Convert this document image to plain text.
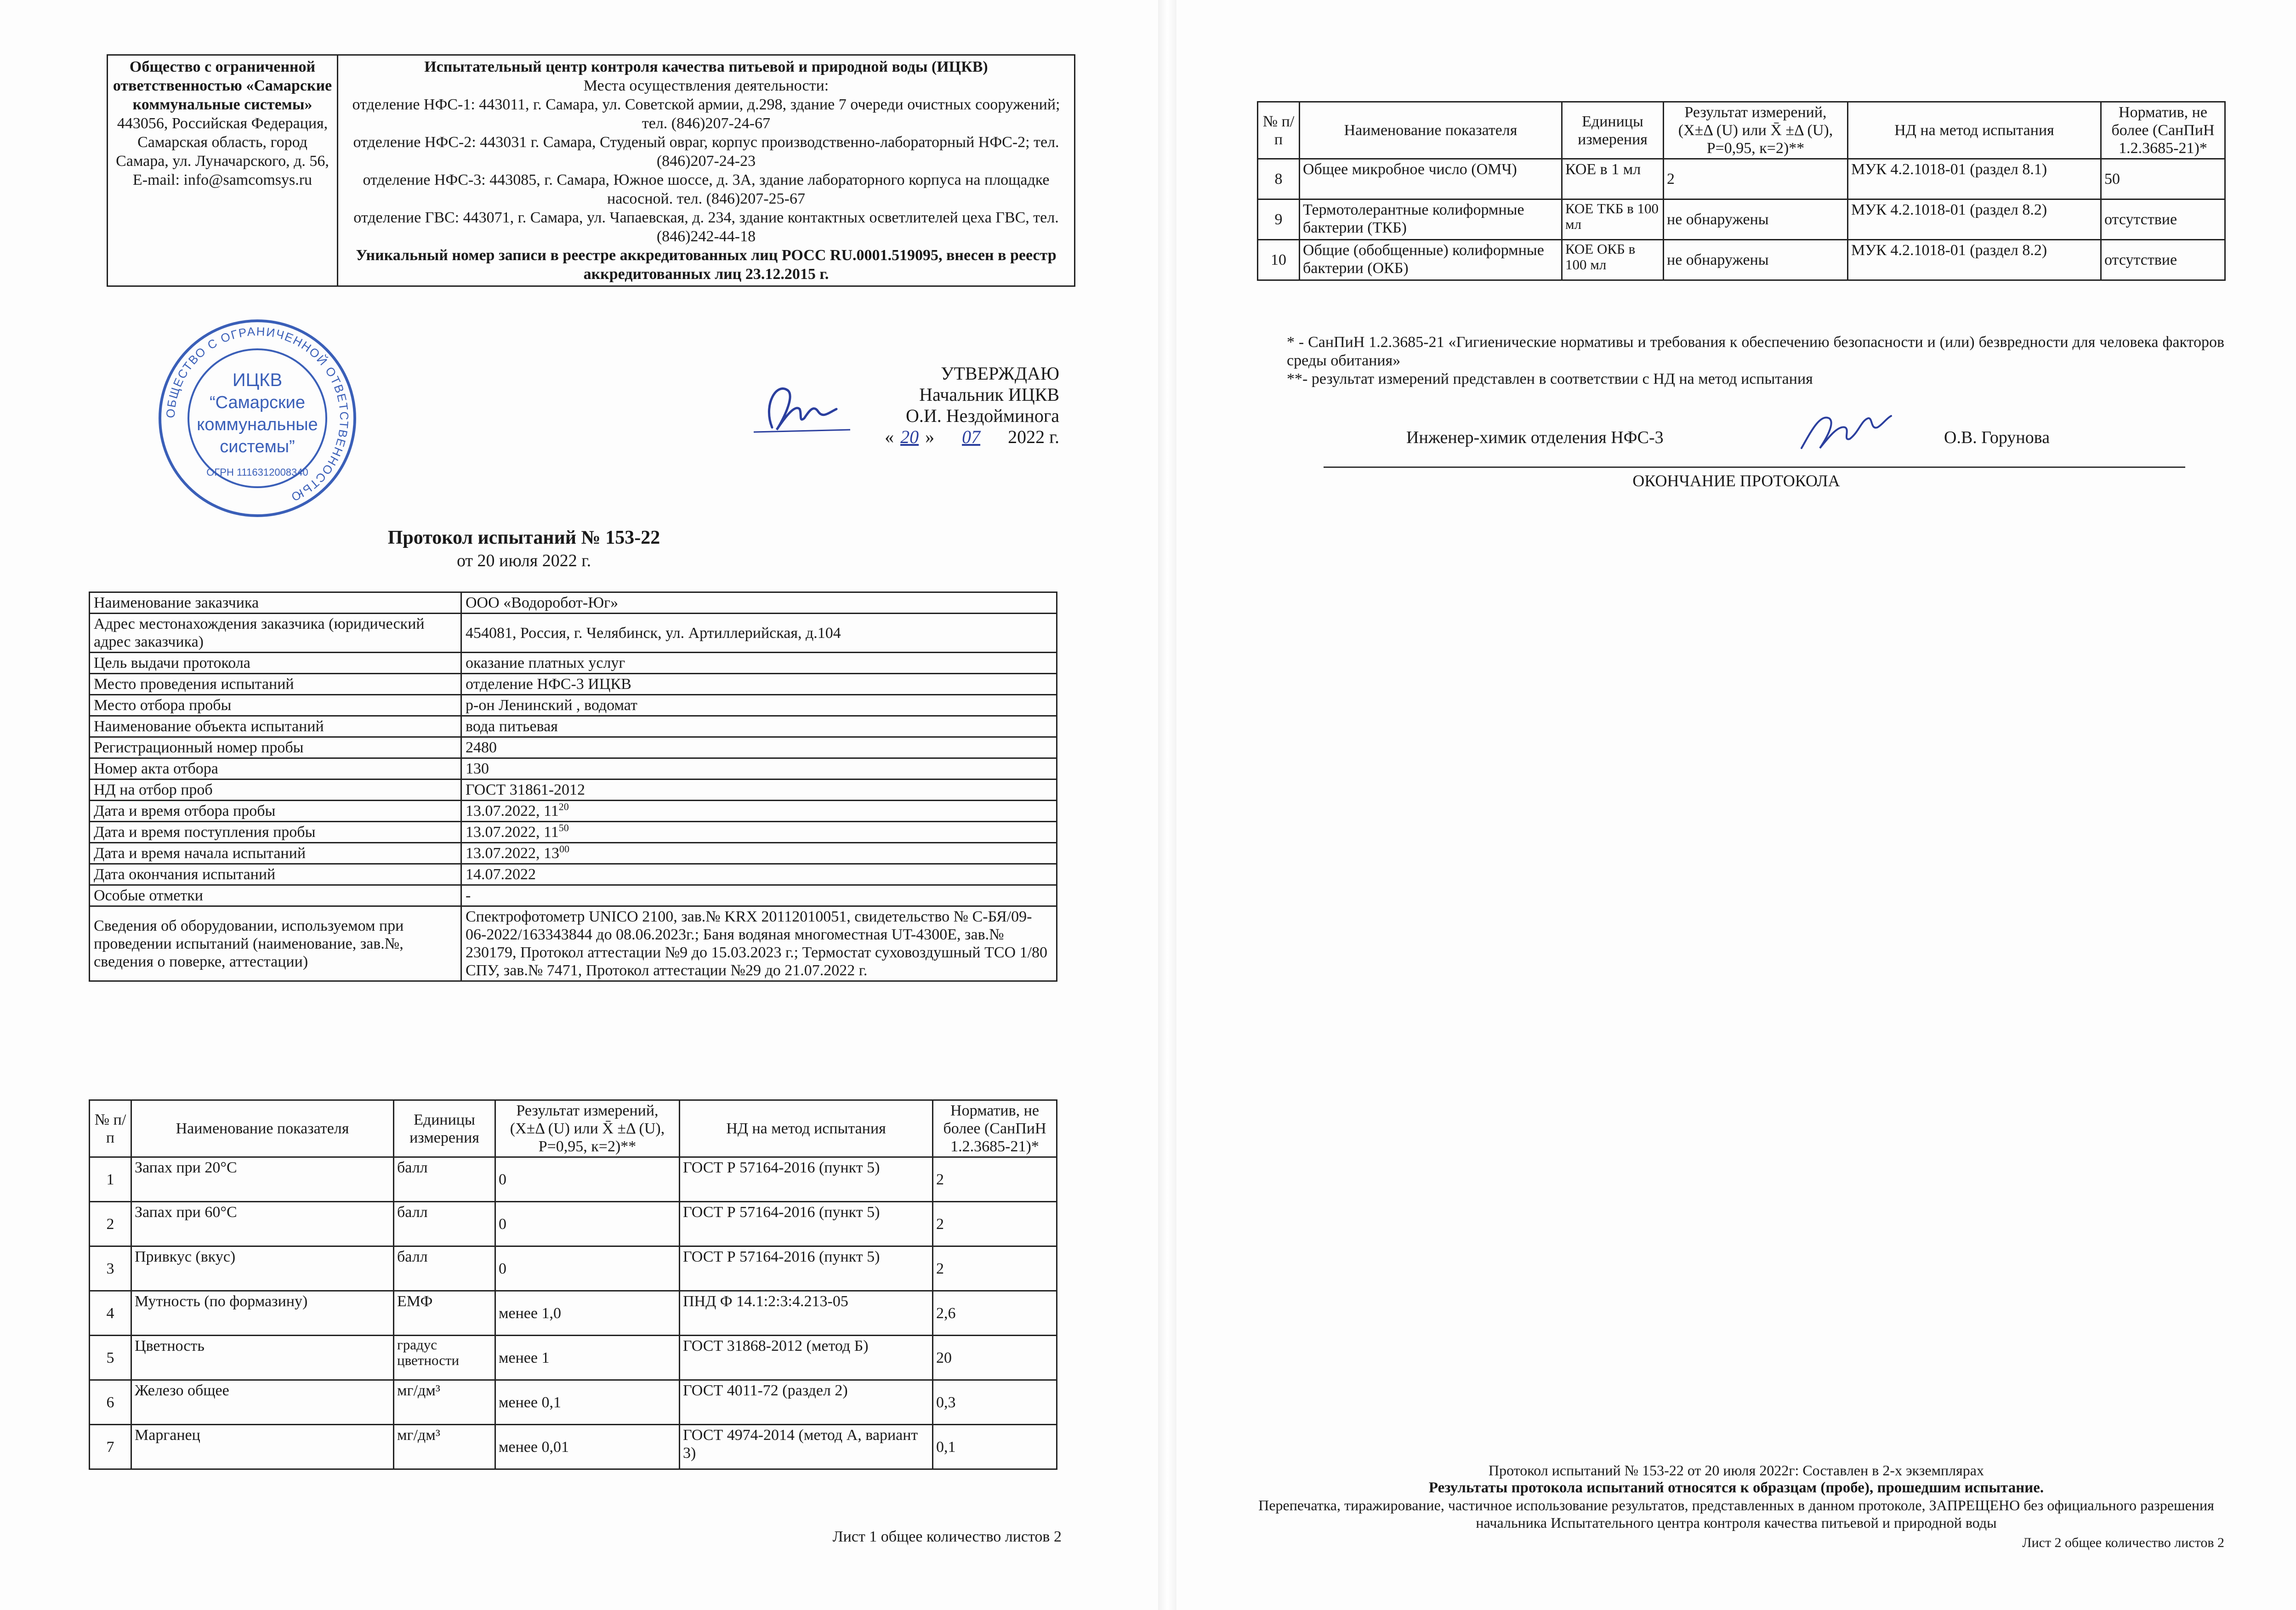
Общество с ограниченной ответственностью «Самарские коммунальные системы»
443056, Российская Федерация, Самарская область, город Самара, ул. Луначарского, д. 56,
E-mail: info@samcomsys.ru

Испытательный центр контроля качества питьевой и природной воды (ИЦКВ)
Места осуществления деятельности:
отделение НФС-1: 443011, г. Самара, ул. Советской армии, д.298, здание 7 очереди очистных сооружений; тел. (846)207-24-67
отделение НФС-2: 443031 г. Самара, Студеный овраг, корпус производственно-лабораторный НФС-2; тел. (846)207-24-23
отделение НФС-3: 443085, г. Самара, Южное шоссе, д. 3А, здание лабораторного корпуса на площадке насосной. тел. (846)207-25-67
отделение ГВС: 443071, г. Самара, ул. Чапаевская, д. 234, здание контактных осветлителей цеха ГВС, тел. (846)242-44-18
Уникальный номер записи в реестре аккредитованных лиц РОСС RU.0001.519095, внесен в реестр аккредитованных лиц 23.12.2015 г.
ОБЩЕСТВО С ОГРАНИЧЕННОЙ ОТВЕТСТВЕННОСТЬЮ
ИЦКВ
“Самарские
коммунальные
системы”
ОГРН 1116312008340
УТВЕРЖДАЮ
Начальник ИЦКВ
О.И. Нездойминога
« 20 » 07 2022 г.
Протокол испытаний № 153-22
от 20 июля 2022 г.
Наименование заказчика	ООО «Водоробот-Юг»
Адрес местонахождения заказчика (юридический адрес заказчика)	454081, Россия, г. Челябинск, ул. Артиллерийская, д.104
Цель выдачи протокола	оказание платных услуг
Место проведения испытаний	отделение НФС-3 ИЦКВ
Место отбора пробы	р-он Ленинский , водомат
Наименование объекта испытаний	вода питьевая
Регистрационный номер пробы	2480
Номер акта отбора	130
НД на отбор проб	ГОСТ 31861-2012
Дата и время отбора пробы	13.07.2022, $11^{20}$
Дата и время поступления пробы	13.07.2022, $11^{50}$
Дата и время начала испытаний	13.07.2022, $13^{00}$
Дата окончания испытаний	14.07.2022
Особые отметки	-
Сведения об оборудовании, используемом при проведении испытаний (наименование, зав.№, сведения о поверке, аттестации)	Спектрофотометр UNICO 2100, зав.№ KRX 20112010051, свидетельство № С-БЯ/09-06-2022/163343844 до 08.06.2023г.; Баня водяная многоместная UT-4300E, зав.№ 230179, Протокол аттестации №9 до 15.03.2023 г.; Термостат суховоздушный ТСО 1/80 СПУ, зав.№ 7471, Протокол аттестации №29 до 21.07.2022 г.
№ п/п	Наименование показателя	Единицы измерения	Результат измерений, (X±Δ (U) или X̄ ±Δ (U), Р=0,95, к=2)**	НД на метод испытания	Норматив, не более (СанПиН 1.2.3685-21)*
1	Запах при 20°С	балл	0	ГОСТ Р 57164-2016 (пункт 5)	2
2	Запах при 60°С	балл	0	ГОСТ Р 57164-2016 (пункт 5)	2
3	Привкус (вкус)	балл	0	ГОСТ Р 57164-2016 (пункт 5)	2
4	Мутность (по формазину)	ЕМФ	менее 1,0	ПНД Ф 14.1:2:3:4.213-05	2,6
5	Цветность	градус цветности	менее 1	ГОСТ 31868-2012 (метод Б)	20
6	Железо общее	мг/дм³	менее 0,1	ГОСТ 4011-72 (раздел 2)	0,3
7	Марганец	мг/дм³	менее 0,01	ГОСТ 4974-2014 (метод А, вариант 3)	0,1
Лист 1 общее количество листов 2
№ п/п	Наименование показателя	Единицы измерения	Результат измерений, (X±Δ (U) или X̄ ±Δ (U), Р=0,95, к=2)**	НД на метод испытания	Норматив, не более (СанПиН 1.2.3685-21)*
8	Общее микробное число (ОМЧ)	КОЕ в 1 мл	2	МУК 4.2.1018-01 (раздел 8.1)	50
9	Термотолерантные колиформные бактерии (ТКБ)	КОЕ ТКБ в 100 мл	не обнаружены	МУК 4.2.1018-01 (раздел 8.2)	отсутствие
10	Общие (обобщенные) колиформные бактерии (ОКБ)	КОЕ ОКБ в 100 мл	не обнаружены	МУК 4.2.1018-01 (раздел 8.2)	отсутствие
* - СанПиН 1.2.3685-21 «Гигиенические нормативы и требования к обеспечению безопасности и (или) безвредности для человека факторов среды обитания»
**- результат измерений представлен в соответствии с НД на метод испытания
Инженер-химик отделения НФС-3	О.В. Горунова
ОКОНЧАНИЕ ПРОТОКОЛА
Протокол испытаний № 153-22 от 20 июля 2022г: Составлен в 2-х экземплярах
Результаты протокола испытаний относятся к образцам (пробе), прошедшим испытание.
Перепечатка, тиражирование, частичное использование результатов, представленных в данном протоколе, ЗАПРЕЩЕНО без официального разрешения начальника Испытательного центра контроля качества питьевой и природной воды
Лист 2 общее количество листов 2
